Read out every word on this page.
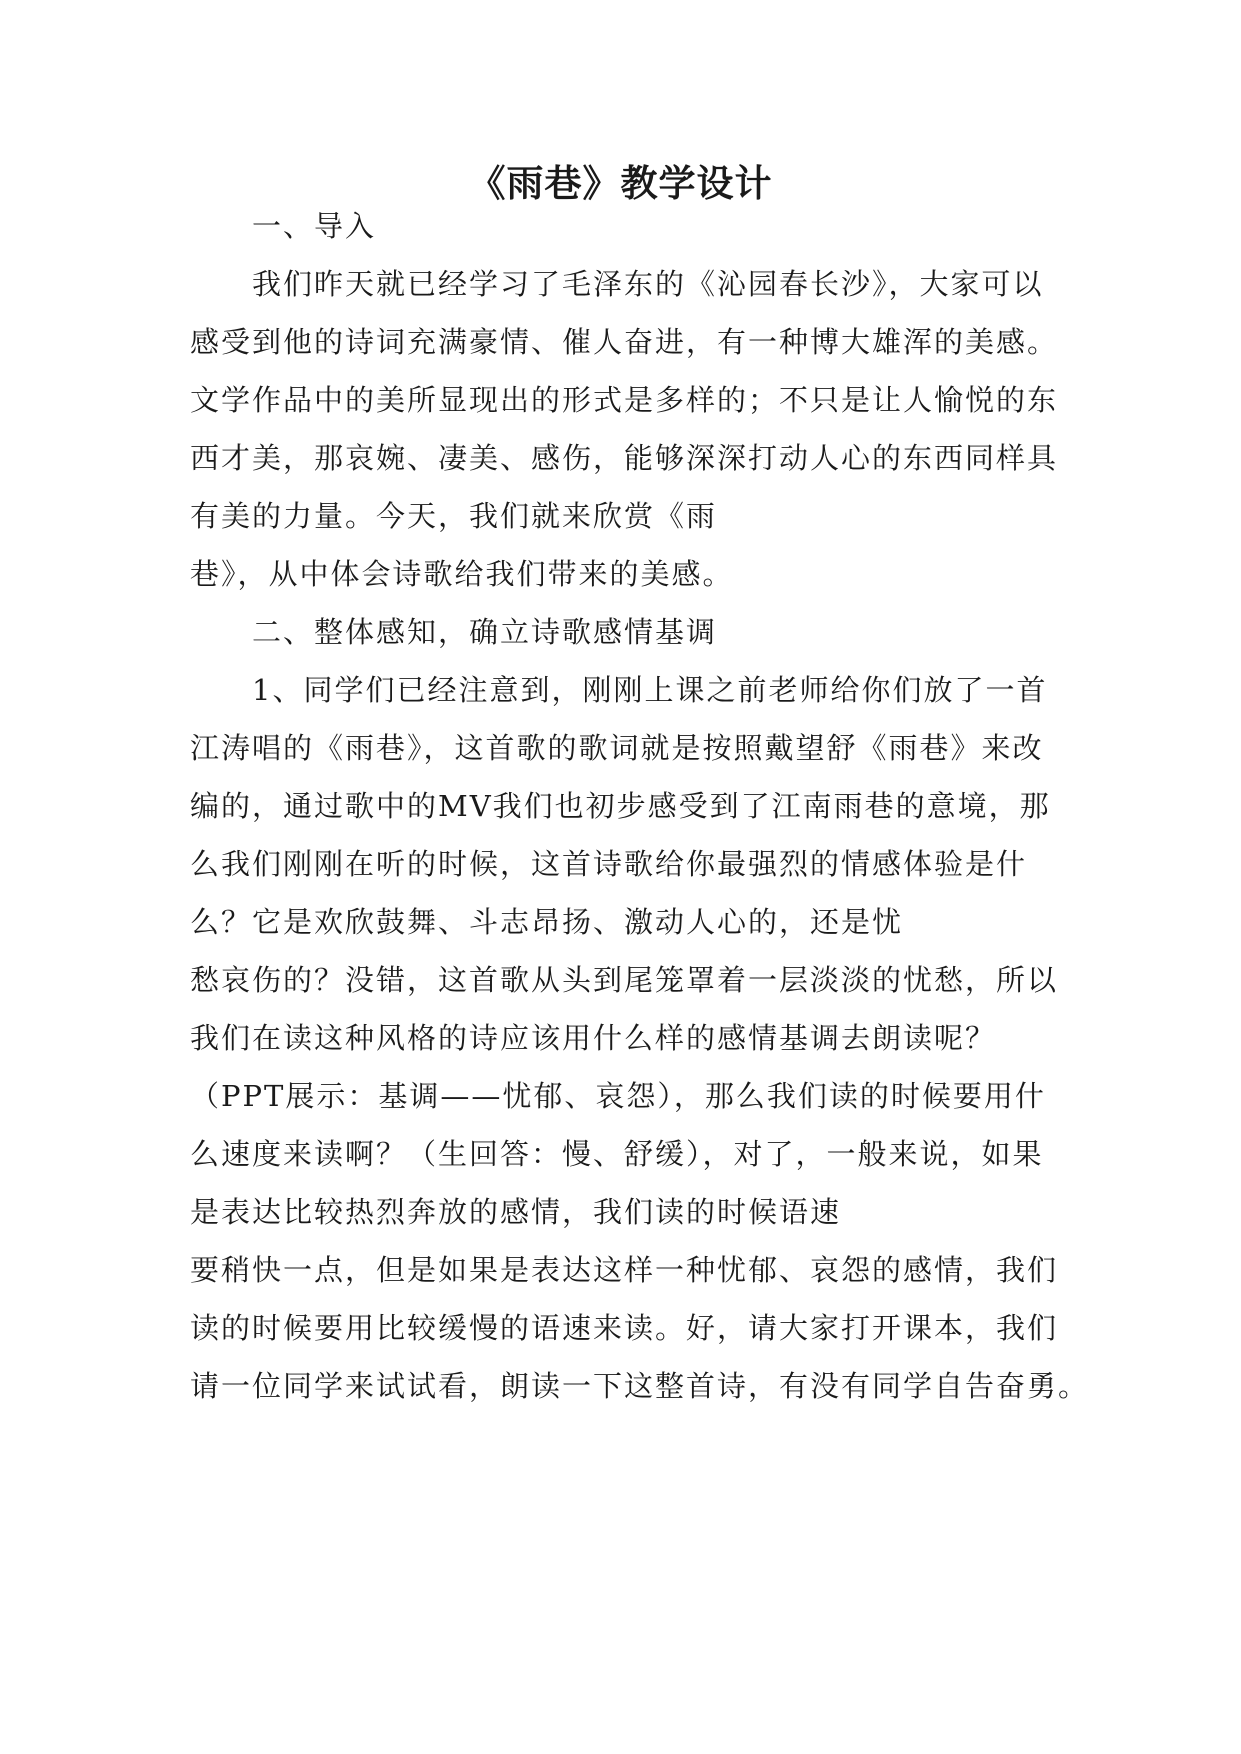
《雨巷》教学设计
一、导入
我们昨天就已经学习了毛泽东的《沁园春长沙》，大家可以
感受到他的诗词充满豪情、催人奋进，有一种博大雄浑的美感。
文学作品中的美所显现出的形式是多样的；不只是让人愉悦的东
西才美，那哀婉、凄美、感伤，能够深深打动人心的东西同样具
有美的力量。今天，我们就来欣赏《雨
巷》，从中体会诗歌给我们带来的美感。
二、整体感知，确立诗歌感情基调
1、同学们已经注意到，刚刚上课之前老师给你们放了一首
江涛唱的《雨巷》，这首歌的歌词就是按照戴望舒《雨巷》来改
编的，通过歌中的MV我们也初步感受到了江南雨巷的意境，那
么我们刚刚在听的时候，这首诗歌给你最强烈的情感体验是什
么？它是欢欣鼓舞、斗志昂扬、激动人心的，还是忧
愁哀伤的？没错，这首歌从头到尾笼罩着一层淡淡的忧愁，所以
我们在读这种风格的诗应该用什么样的感情基调去朗读呢？
（PPT展示：基调——忧郁、哀怨），那么我们读的时候要用什
么速度来读啊？（生回答：慢、舒缓），对了，一般来说，如果
是表达比较热烈奔放的感情，我们读的时候语速
要稍快一点，但是如果是表达这样一种忧郁、哀怨的感情，我们
读的时候要用比较缓慢的语速来读。好，请大家打开课本，我们
请一位同学来试试看，朗读一下这整首诗，有没有同学自告奋勇。
